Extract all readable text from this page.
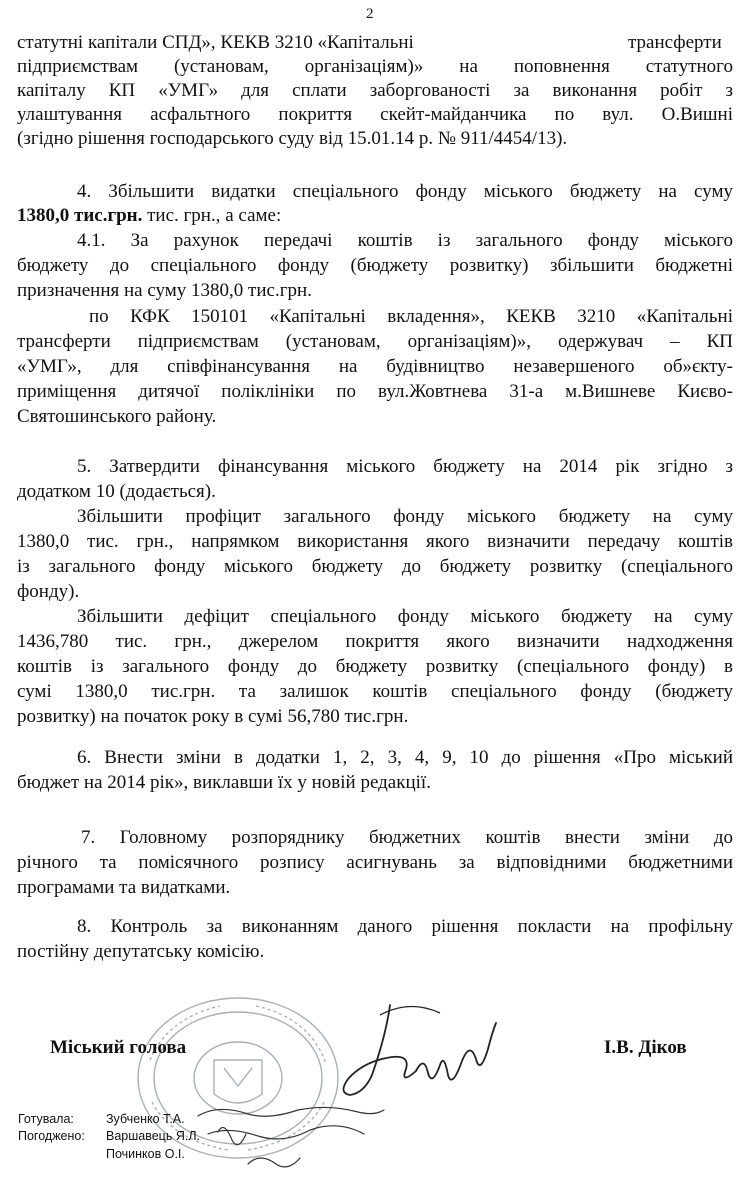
2
статутні капітали СПД», КЕКВ 3210 «Капітальні	трансферти
підприємствам (установам, організаціям)» на поповнення статутного
капіталу КП «УМГ» для сплати заборгованості за виконання робіт з
улаштування асфальтного покриття скейт-майданчика по вул. О.Вишні
(згідно рішення господарського суду від 15.01.14 р. № 911/4454/13).
4. Збільшити видатки спеціального фонду міського бюджету на суму
1380,0 тис.грн. тис. грн., а саме:
4.1. За рахунок передачі коштів із загального фонду міського
бюджету до спеціального фонду (бюджету розвитку) збільшити бюджетні
призначення на суму 1380,0 тис.грн.
по КФК 150101 «Капітальні вкладення», КЕКВ 3210 «Капітальні
трансферти підприємствам (установам, організаціям)», одержувач – КП
«УМГ», для співфінансування на будівництво незавершеного об»єкту-
приміщення дитячої поліклініки по вул.Жовтнева 31-а м.Вишневе Києво-
Святошинського району.
5. Затвердити фінансування міського бюджету на 2014 рік згідно з
додатком 10 (додається).
Збільшити профіцит загального фонду міського бюджету на суму
1380,0 тис. грн., напрямком використання якого визначити передачу коштів
із загального фонду міського бюджету до бюджету розвитку (спеціального
фонду).
Збільшити дефіцит спеціального фонду міського бюджету на суму
1436,780 тис. грн., джерелом покриття якого визначити надходження
коштів із загального фонду до бюджету розвитку (спеціального фонду) в
сумі 1380,0 тис.грн. та залишок коштів спеціального фонду (бюджету
розвитку) на початок року в сумі 56,780 тис.грн.
6. Внести зміни в додатки 1, 2, 3, 4, 9, 10 до рішення «Про міський
бюджет на 2014 рік», виклавши їх у новій редакції.
7. Головному розпоряднику бюджетних коштів внести зміни до
річного та помісячного розпису асигнувань за відповідними бюджетними
програмами та видатками.
8. Контроль за виконанням даного рішення покласти на профільну
постійну депутатську комісію.
Міський голова	І.В. Діков
Готувала:	Зубченко Т.А.
Погоджено: Варшавець Я.Л.
Починков О.І.
